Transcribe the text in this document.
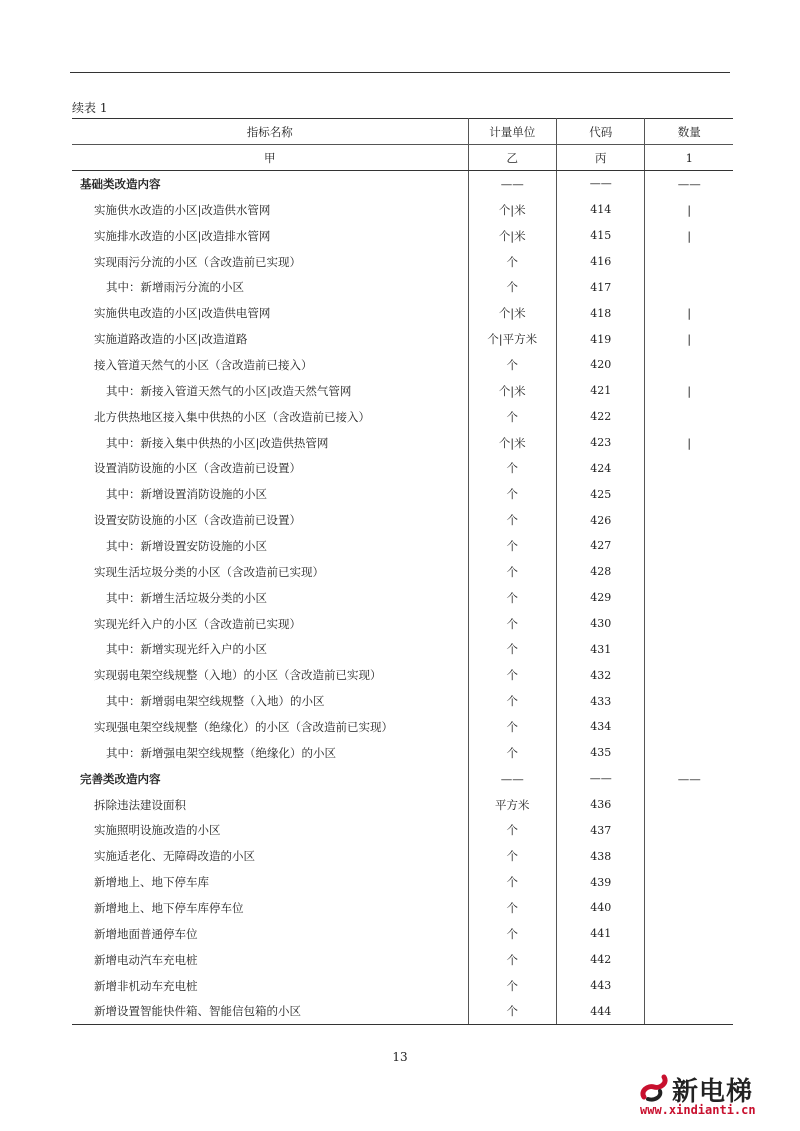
续表 1
指标名称	计量单位	代码	数量
甲	乙	丙	1
基础类改造内容	——	——	——
实施供水改造的小区|改造供水管网	个|米	414	|
实施排水改造的小区|改造排水管网	个|米	415	|
实现雨污分流的小区（含改造前已实现）	个	416	
其中：新增雨污分流的小区	个	417	
实施供电改造的小区|改造供电管网	个|米	418	|
实施道路改造的小区|改造道路	个|平方米	419	|
接入管道天然气的小区（含改造前已接入）	个	420	
其中：新接入管道天然气的小区|改造天然气管网	个|米	421	|
北方供热地区接入集中供热的小区（含改造前已接入）	个	422	
其中：新接入集中供热的小区|改造供热管网	个|米	423	|
设置消防设施的小区（含改造前已设置）	个	424	
其中：新增设置消防设施的小区	个	425	
设置安防设施的小区（含改造前已设置）	个	426	
其中：新增设置安防设施的小区	个	427	
实现生活垃圾分类的小区（含改造前已实现）	个	428	
其中：新增生活垃圾分类的小区	个	429	
实现光纤入户的小区（含改造前已实现）	个	430	
其中：新增实现光纤入户的小区	个	431	
实现弱电架空线规整（入地）的小区（含改造前已实现）	个	432	
其中：新增弱电架空线规整（入地）的小区	个	433	
实现强电架空线规整（绝缘化）的小区（含改造前已实现）	个	434	
其中：新增强电架空线规整（绝缘化）的小区	个	435	
完善类改造内容	——	——	——
拆除违法建设面积	平方米	436	
实施照明设施改造的小区	个	437	
实施适老化、无障碍改造的小区	个	438	
新增地上、地下停车库	个	439	
新增地上、地下停车库停车位	个	440	
新增地面普通停车位	个	441	
新增电动汽车充电桩	个	442	
新增非机动车充电桩	个	443	
新增设置智能快件箱、智能信包箱的小区	个	444	
13
新电梯
www.xindianti.cn
